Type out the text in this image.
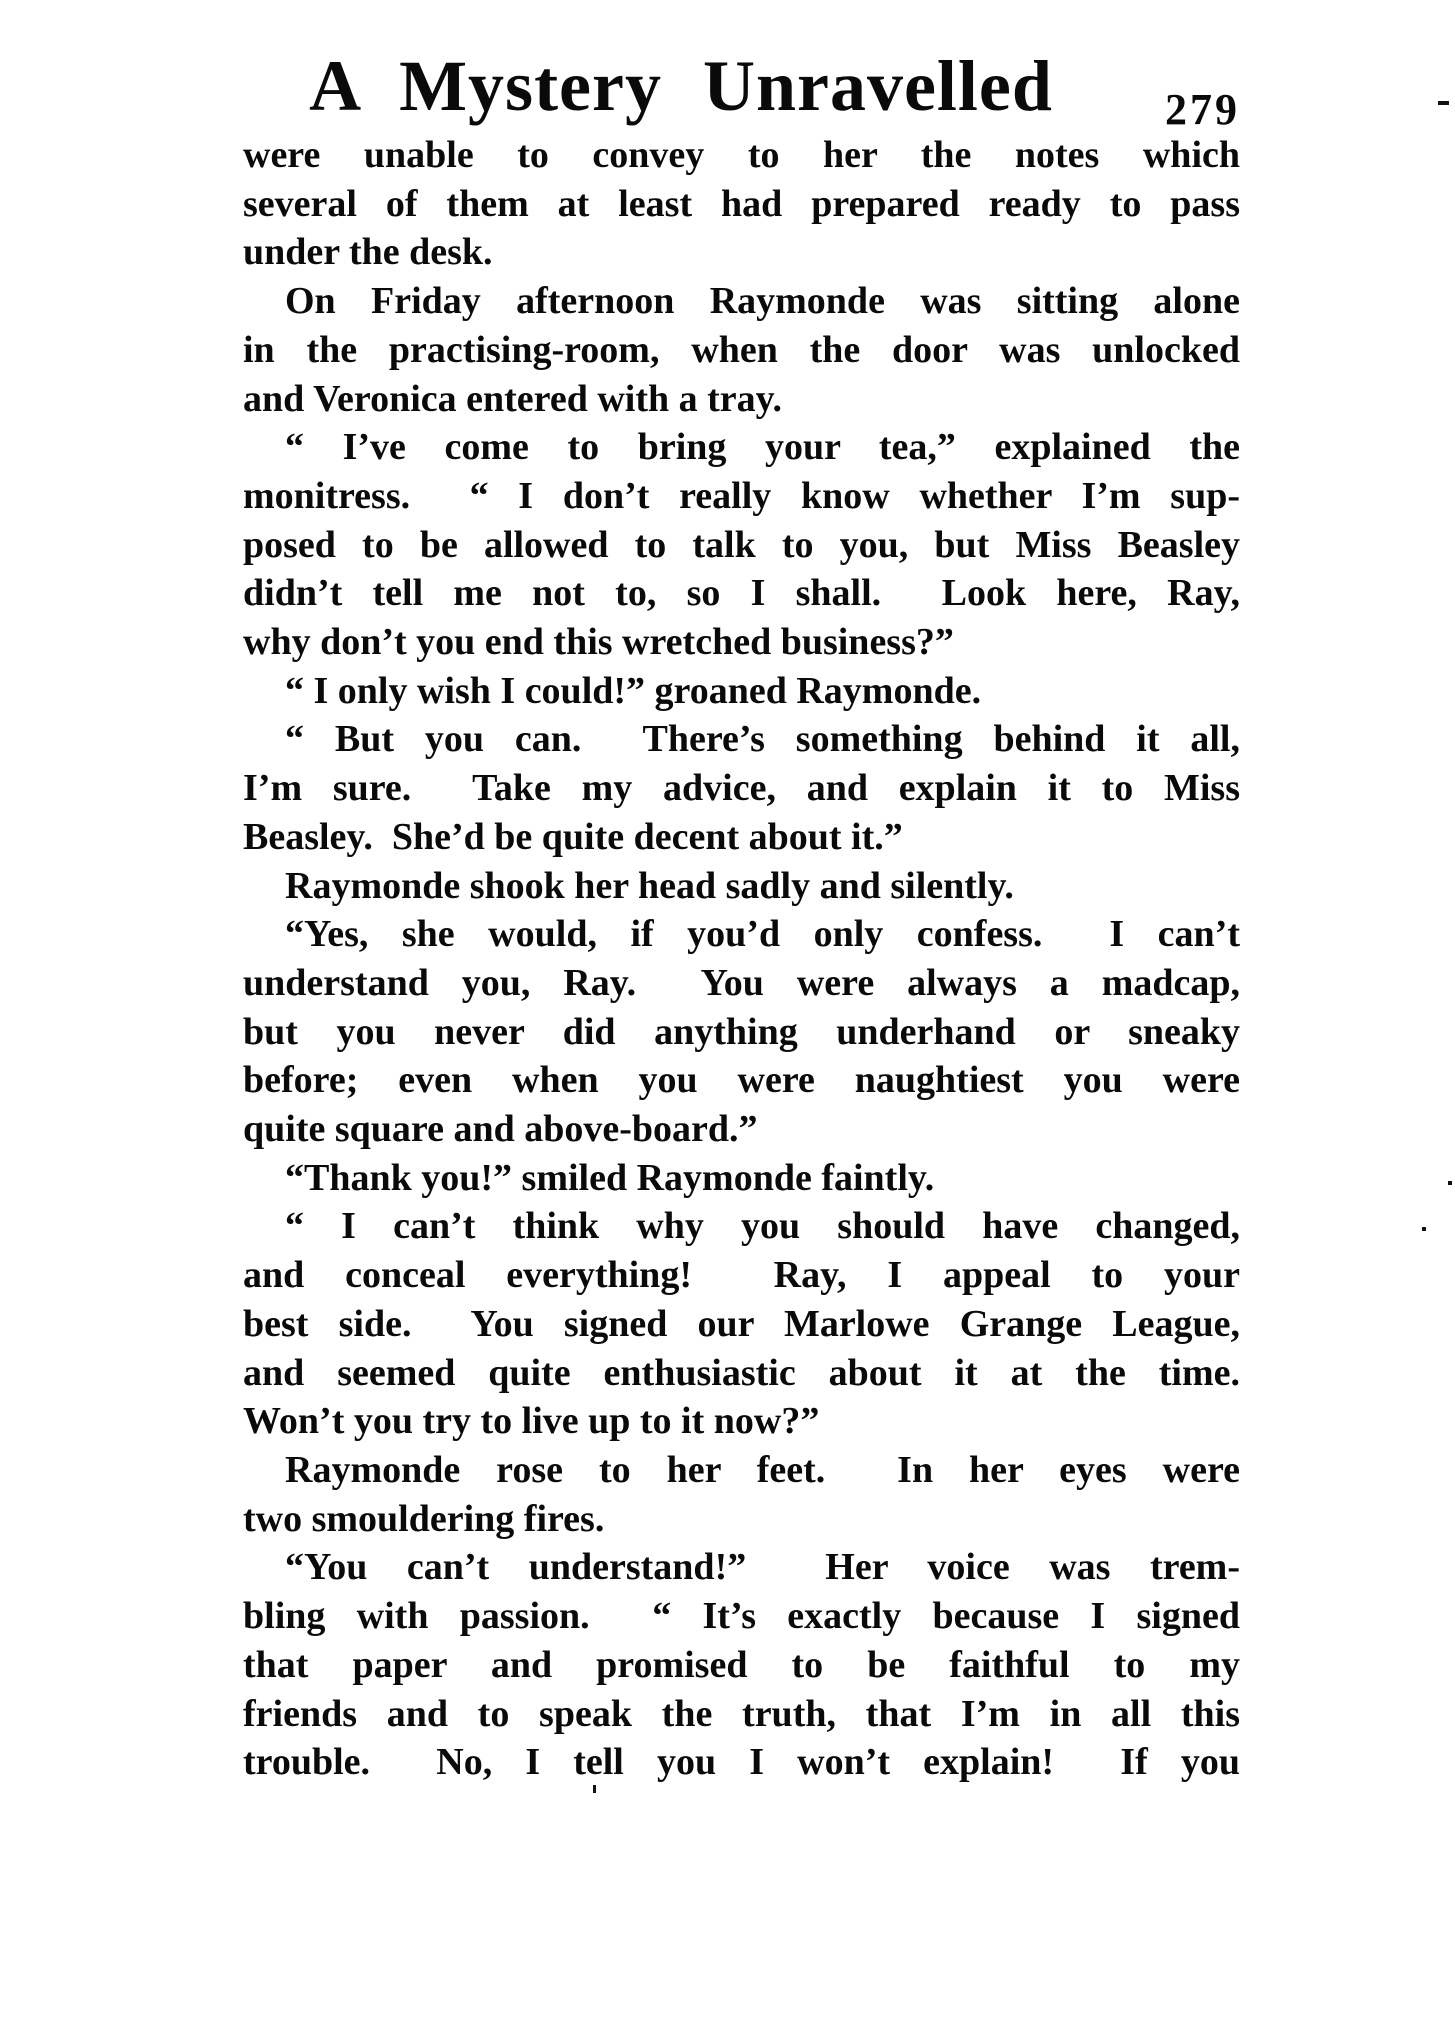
A Mystery Unravelled	279
were unable to convey to her the notes which
several of them at least had prepared ready to pass
under the desk.
On Friday afternoon Raymonde was sitting alone
in the practising-room, when the door was unlocked
and Veronica entered with a tray.
“ I’ve come to bring your tea,” explained the
monitress.  “ I don’t really know whether I’m sup-
posed to be allowed to talk to you, but Miss Beasley
didn’t tell me not to, so I shall.  Look here, Ray,
why don’t you end this wretched business?”
“ I only wish I could!” groaned Raymonde.
“ But you can.  There’s something behind it all,
I’m sure.  Take my advice, and explain it to Miss
Beasley.  She’d be quite decent about it.”
Raymonde shook her head sadly and silently.
“Yes, she would, if you’d only confess.  I can’t
understand you, Ray.  You were always a madcap,
but you never did anything underhand or sneaky
before; even when you were naughtiest you were
quite square and above-board.”
“Thank you!” smiled Raymonde faintly.
“ I can’t think why you should have changed,
and conceal everything!  Ray, I appeal to your
best side.  You signed our Marlowe Grange League,
and seemed quite enthusiastic about it at the time.
Won’t you try to live up to it now?”
Raymonde rose to her feet.  In her eyes were
two smouldering fires.
“You can’t understand!”  Her voice was trem-
bling with passion.  “ It’s exactly because I signed
that paper and promised to be faithful to my
friends and to speak the truth, that I’m in all this
trouble.  No, I tell you I won’t explain!  If you
